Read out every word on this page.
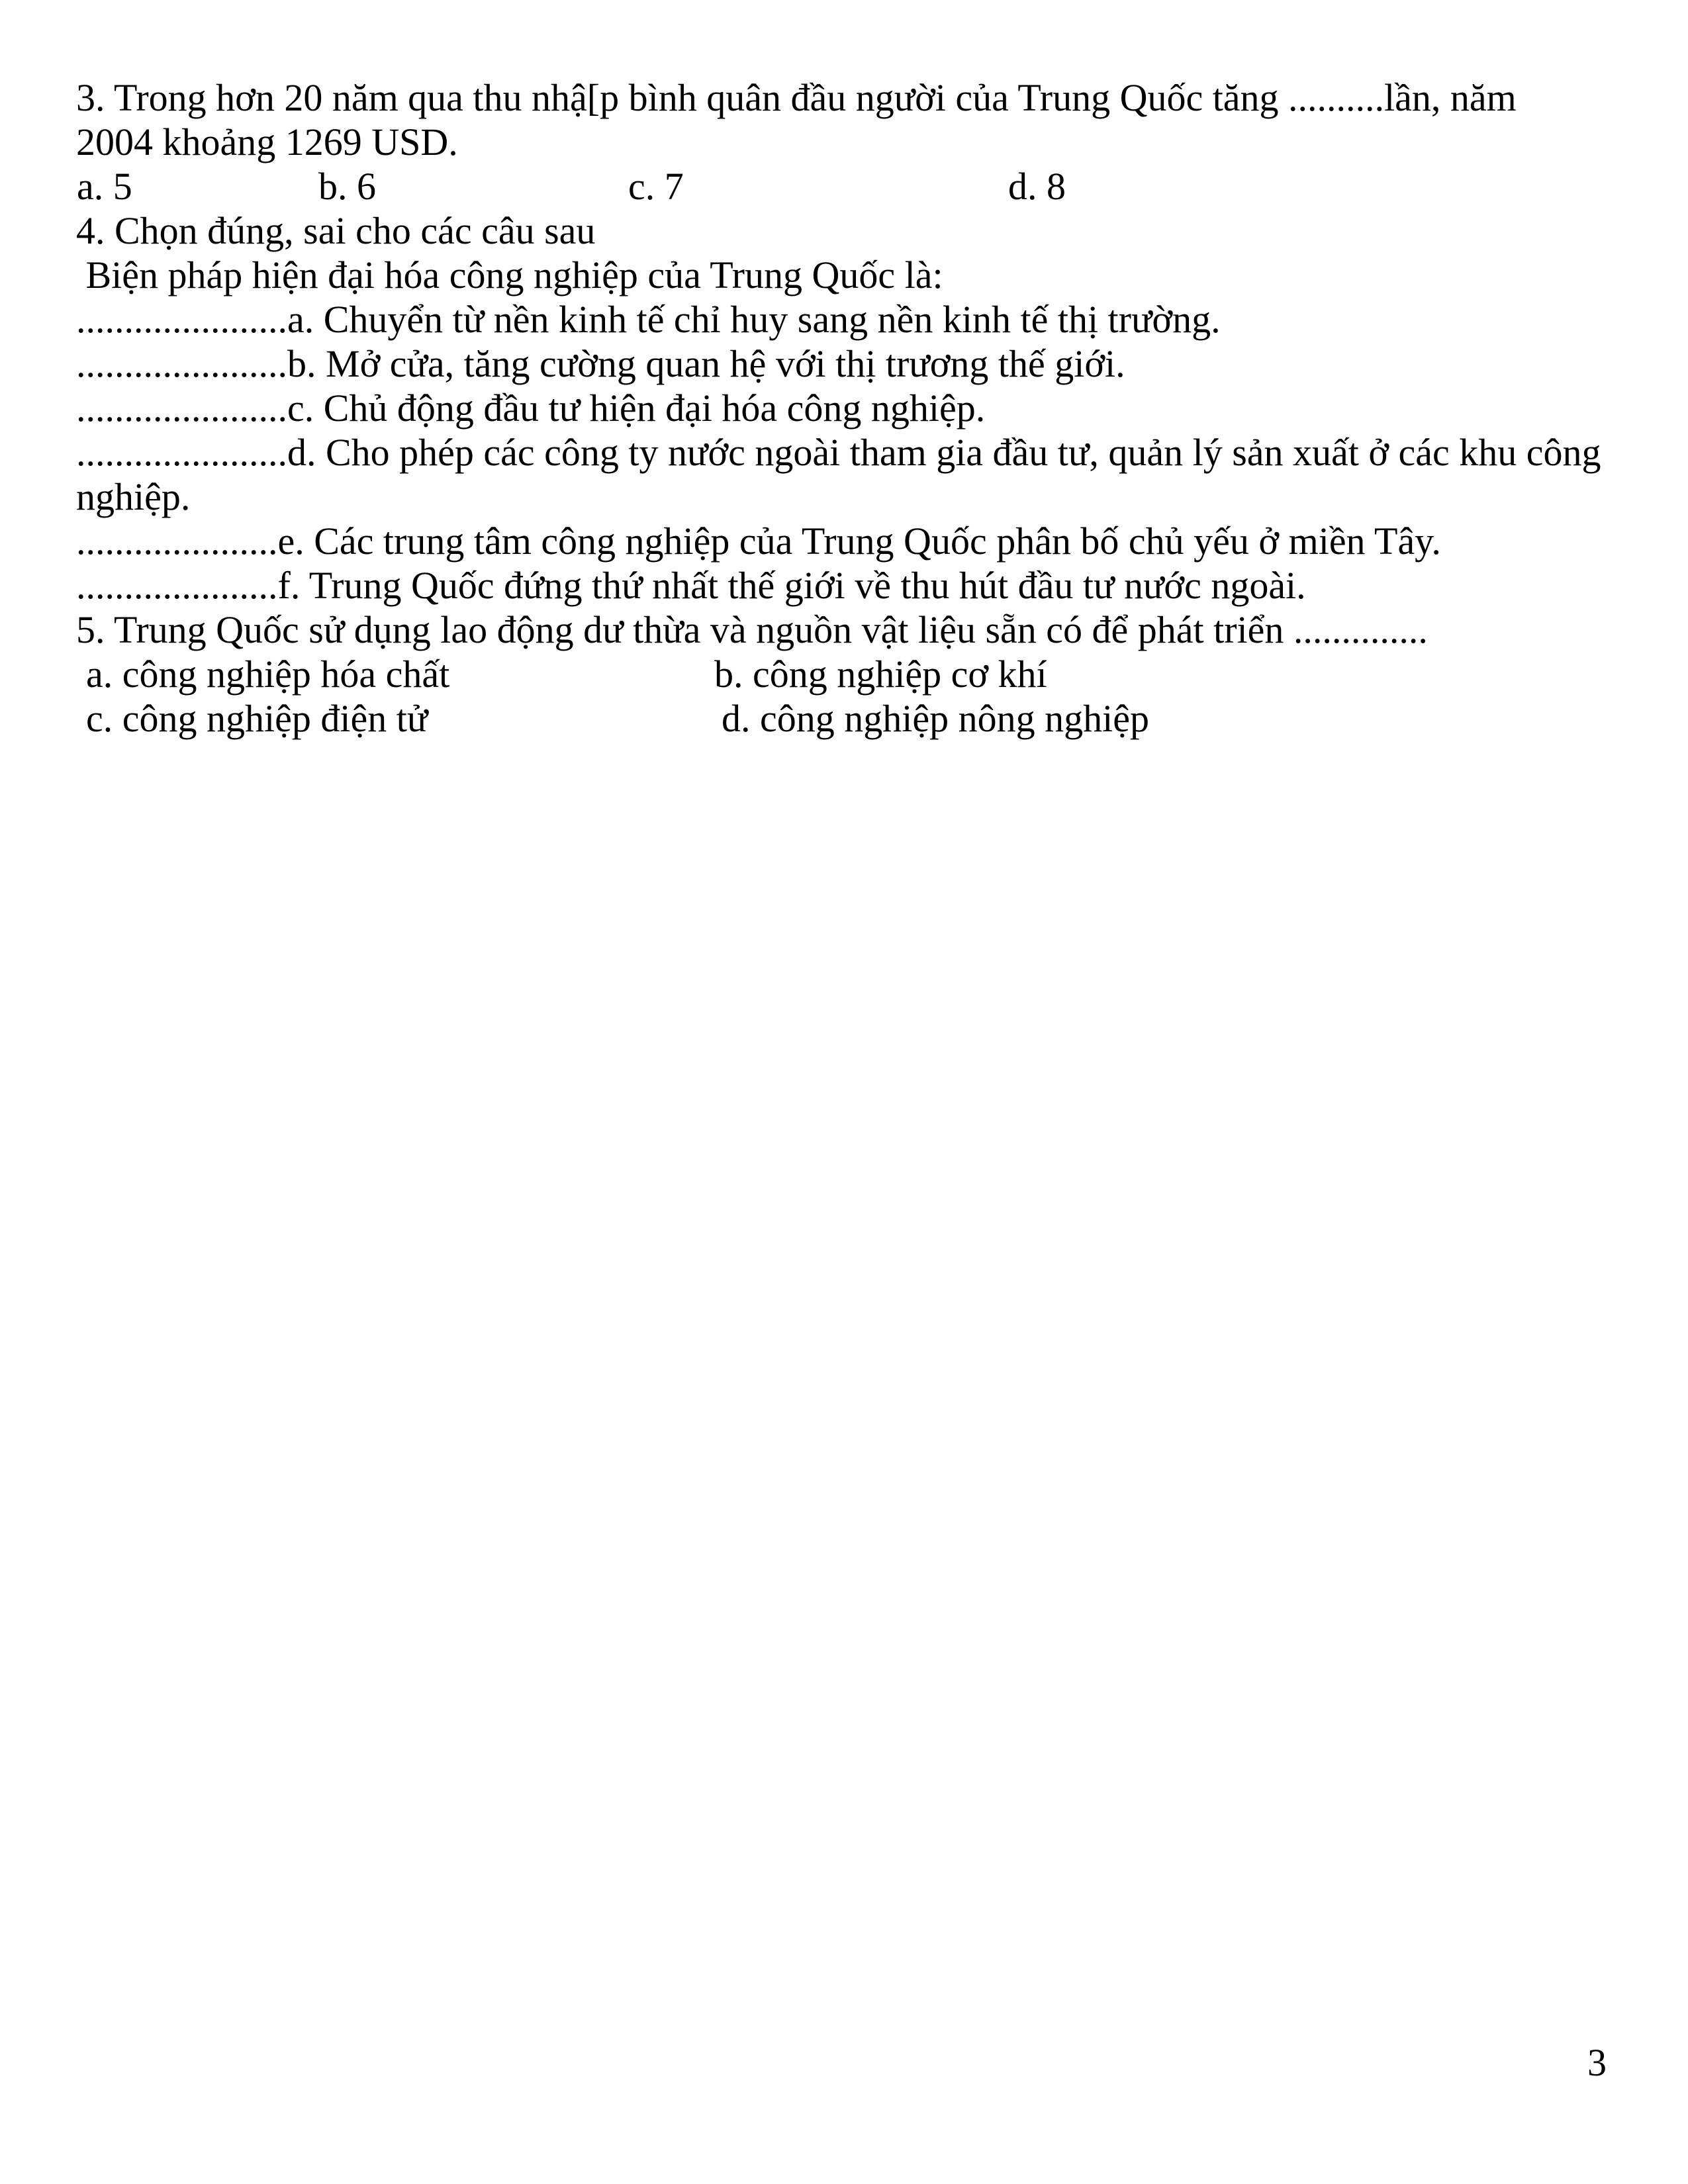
3. Trong hơn 20 năm qua thu nhậ[p bình quân đầu người của Trung Quốc tăng ..........lần, năm
2004 khoảng 1269 USD.

a. 5

	b. 6

	c. 7

	d. 8

4. Chọn đúng, sai cho các câu sau
Biện pháp hiện đại hóa công nghiệp của Trung Quốc là:
......................a. Chuyển từ nền kinh tế chỉ huy sang nền kinh tế thị trường.
......................b. Mở cửa, tăng cường quan hệ với thị trương thế giới.
......................c. Chủ động đầu tư hiện đại hóa công nghiệp.
......................d. Cho phép các công ty nước ngoài tham gia đầu tư, quản lý sản xuất ở các khu công
nghiệp.
.....................e. Các trung tâm công nghiệp của Trung Quốc phân bố chủ yếu ở miền Tây.
.....................f. Trung Quốc đứng thứ nhất thế giới về thu hút đầu tư nước ngoài.
5. Trung Quốc sử dụng lao động dư thừa và nguồn vật liệu sẵn có để phát triển ..............

a. công nghiệp hóa chất

	b. công nghiệp cơ khí

c. công nghiệp điện tử

	d. công nghiệp nông nghiệp

3
